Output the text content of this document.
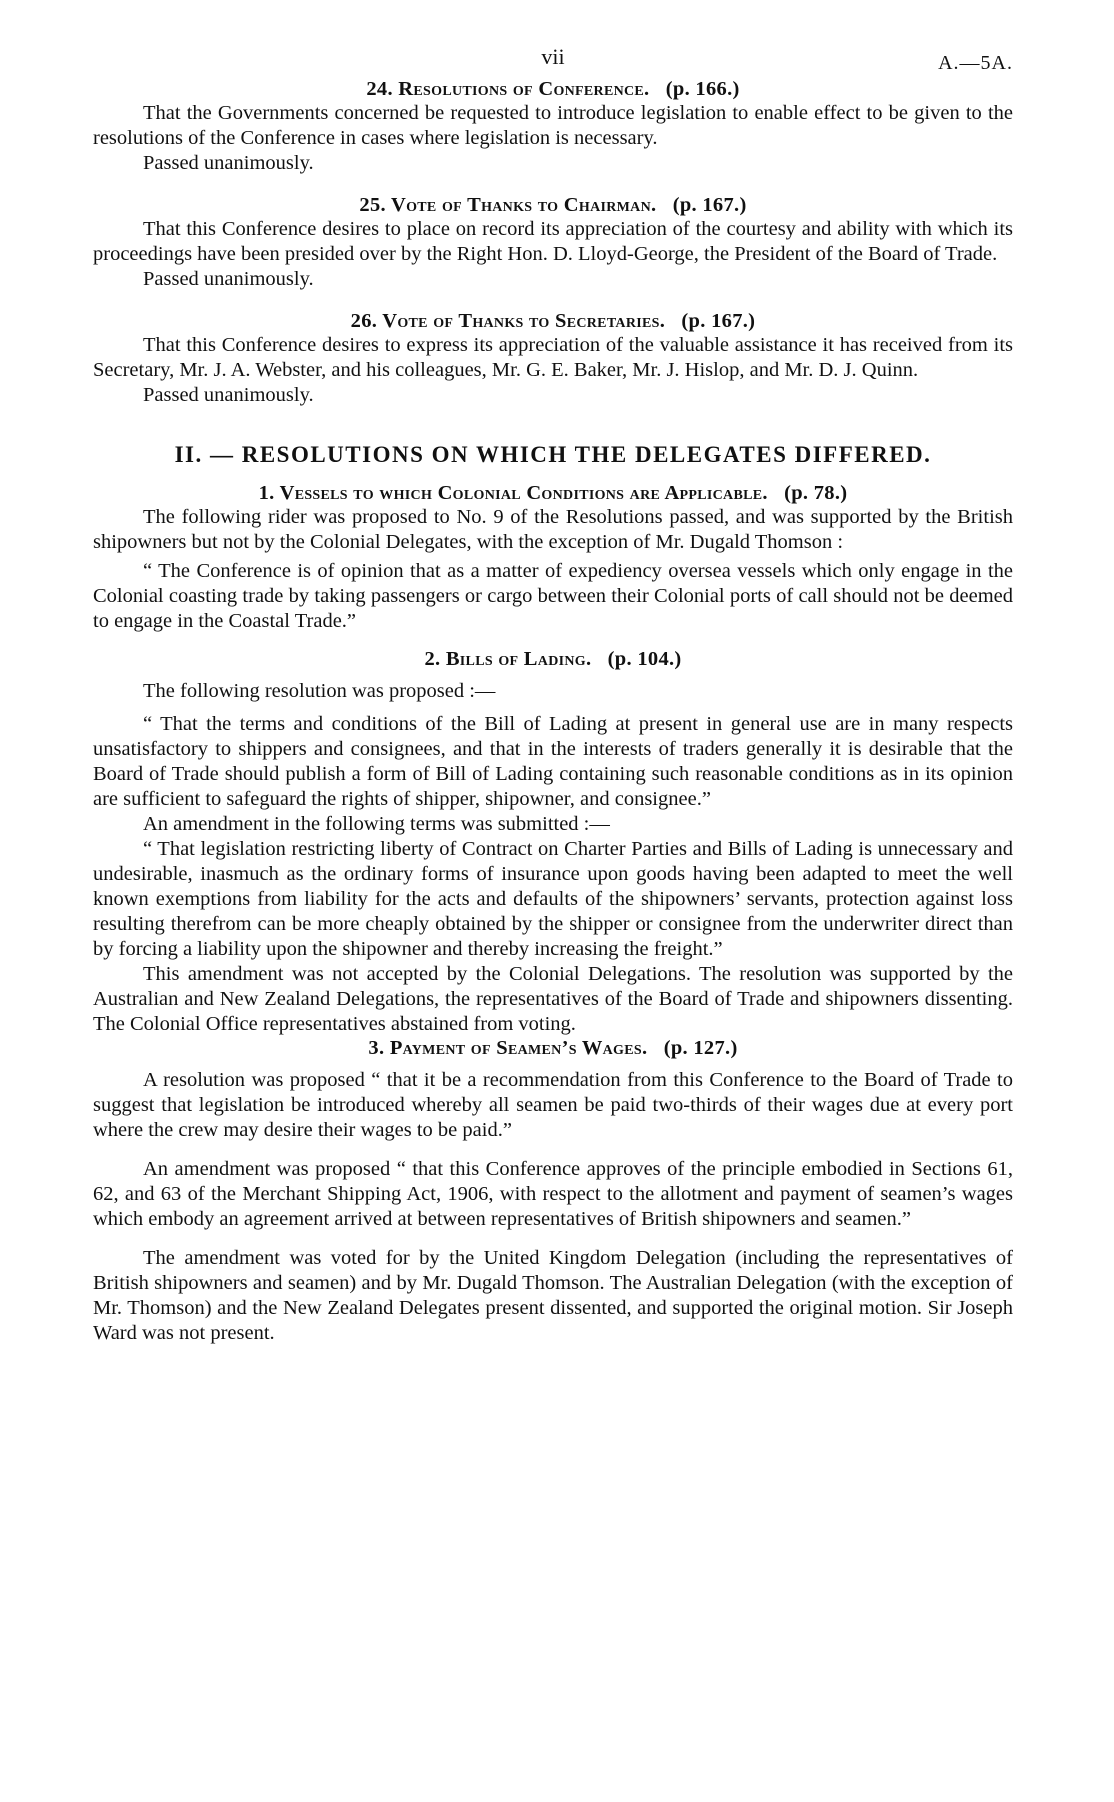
vii	A.—5A.
24. Resolutions of Conference. (p. 166.)

That the Governments concerned be requested to introduce legislation to enable effect to be given to the resolutions of the Conference in cases where legislation is necessary.

Passed unanimously.

25. Vote of Thanks to Chairman. (p. 167.)

That this Conference desires to place on record its appreciation of the courtesy and ability with which its proceedings have been presided over by the Right Hon. D. Lloyd-George, the President of the Board of Trade.

Passed unanimously.

26. Vote of Thanks to Secretaries. (p. 167.)

That this Conference desires to express its appreciation of the valuable assistance it has received from its Secretary, Mr. J. A. Webster, and his colleagues, Mr. G. E. Baker, Mr. J. Hislop, and Mr. D. J. Quinn.

Passed unanimously.

II. — RESOLUTIONS ON WHICH THE DELEGATES DIFFERED.
1. Vessels to which Colonial Conditions are Applicable. (p. 78.)

The following rider was proposed to No. 9 of the Resolutions passed, and was supported by the British shipowners but not by the Colonial Delegates, with the exception of Mr. Dugald Thomson :

“ The Conference is of opinion that as a matter of expediency oversea vessels which only engage in the Colonial coasting trade by taking passengers or cargo between their Colonial ports of call should not be deemed to engage in the Coastal Trade.”

2. Bills of Lading. (p. 104.)

The following resolution was proposed :—

“ That the terms and conditions of the Bill of Lading at present in general use are in many respects unsatisfactory to shippers and consignees, and that in the interests of traders generally it is desirable that the Board of Trade should publish a form of Bill of Lading containing such reasonable conditions as in its opinion are sufficient to safeguard the rights of shipper, shipowner, and consignee.”

An amendment in the following terms was submitted :—

“ That legislation restricting liberty of Contract on Charter Parties and Bills of Lading is unnecessary and undesirable, inasmuch as the ordinary forms of insurance upon goods having been adapted to meet the well known exemptions from liability for the acts and defaults of the shipowners’ servants, protection against loss resulting therefrom can be more cheaply obtained by the shipper or consignee from the underwriter direct than by forcing a liability upon the shipowner and thereby increasing the freight.”

This amendment was not accepted by the Colonial Delegations. The resolution was supported by the Australian and New Zealand Delegations, the representatives of the Board of Trade and shipowners dissenting. The Colonial Office representatives abstained from voting.

3. Payment of Seamen’s Wages. (p. 127.)

A resolution was proposed “ that it be a recommendation from this Conference to the Board of Trade to suggest that legislation be introduced whereby all seamen be paid two-thirds of their wages due at every port where the crew may desire their wages to be paid.”

An amendment was proposed “ that this Conference approves of the principle embodied in Sections 61, 62, and 63 of the Merchant Shipping Act, 1906, with respect to the allotment and payment of seamen’s wages which embody an agreement arrived at between representatives of British shipowners and seamen.”

The amendment was voted for by the United Kingdom Delegation (including the representatives of British shipowners and seamen) and by Mr. Dugald Thomson. The Australian Delegation (with the exception of Mr. Thomson) and the New Zealand Delegates present dissented, and supported the original motion. Sir Joseph Ward was not present.
